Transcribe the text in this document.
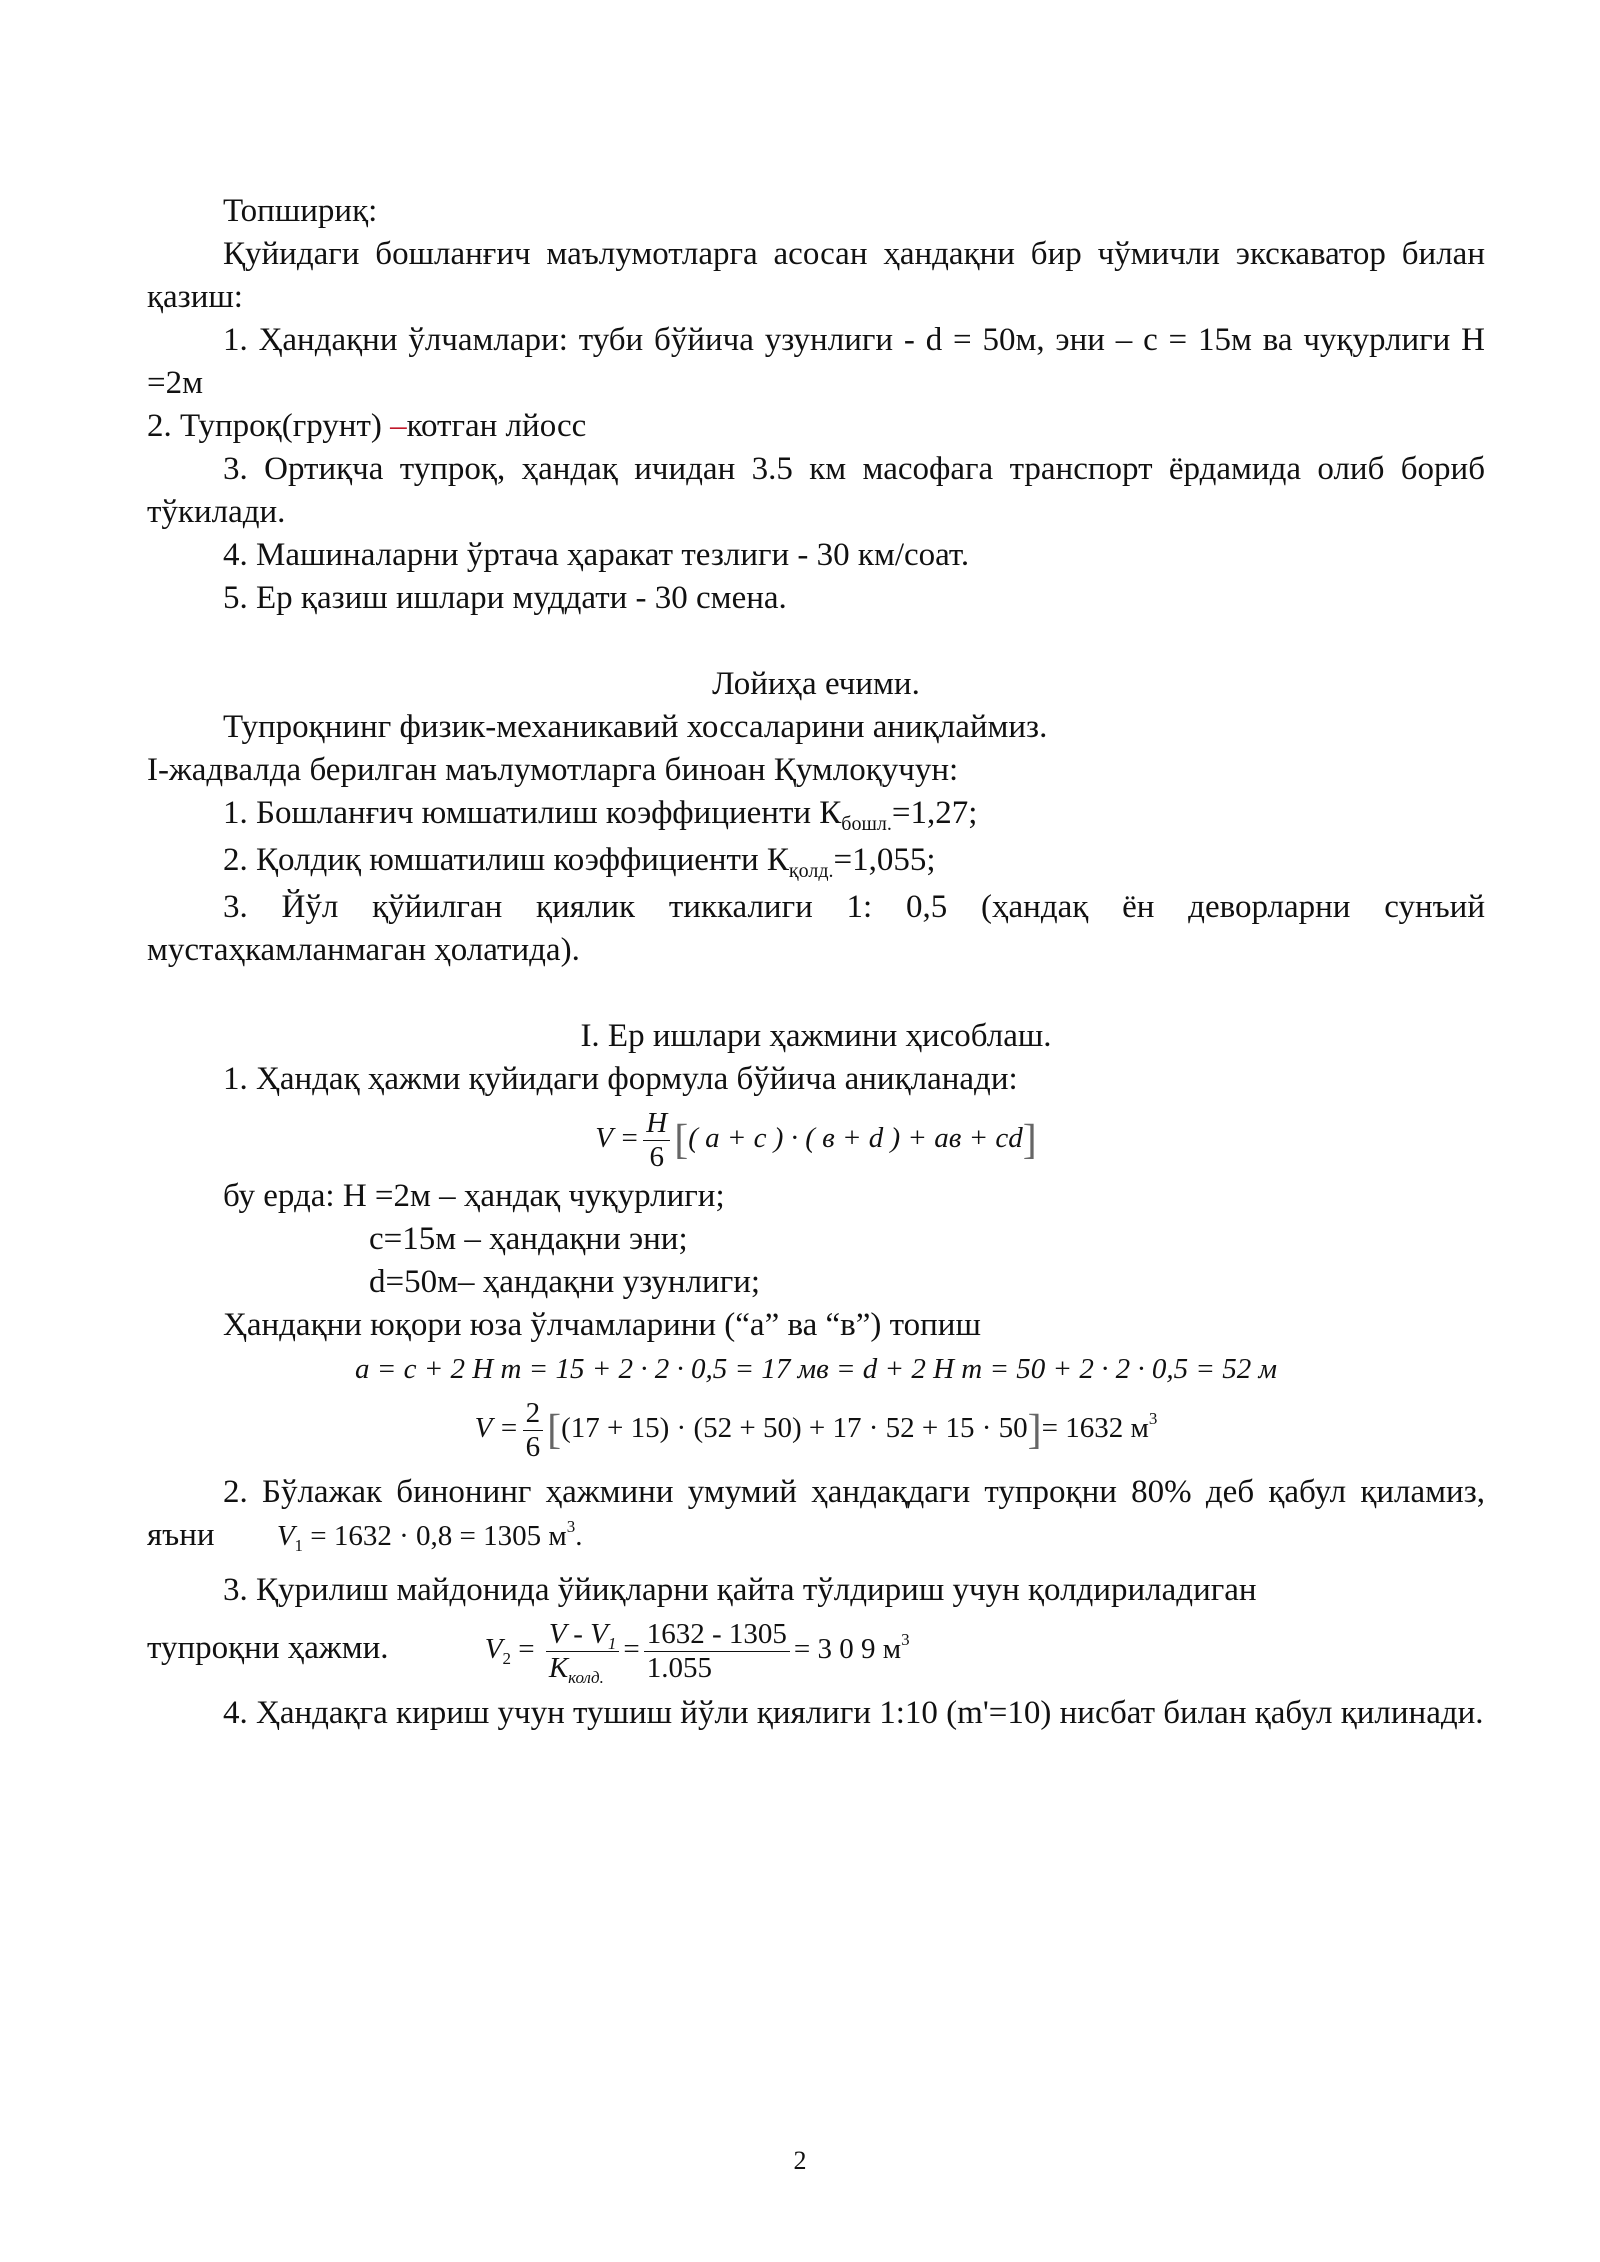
Топшириқ:

Қуйидаги бошланғич маълумотларга асосан ҳандақни бир чўмичли экскаватор билан қазиш:

1. Ҳандақни ўлчамлари: туби бўйича узунлиги - d = 50м, эни – c = 15м ва чуқурлиги H =2м

2. Тупроқ(грунт) –котган лйосс

3. Ортиқча тупроқ, ҳандақ ичидан 3.5 км масофага транспорт ёрдамида олиб бориб тўкилади.

4. Машиналарни ўртача ҳаракат тезлиги - 30 км/соат.

5. Ер қазиш ишлари муддати - 30 смена.

Лойиҳа ечими.

Тупроқнинг физик-механикавий хоссаларини аниқлаймиз.

I-жадвалда берилган маълумотларга биноан Қумлоқучун:

1. Бошланғич юмшатилиш коэффициенти $К_{бошл.}=1,27$;

2. Қолдиқ юмшатилиш коэффициенти $К_{қолд.}=1,055$;

3. Йўл қўйилган қиялик тиккалиги 1: 0,5 (ҳандақ ён деворларни сунъий мустаҳкамланмаган ҳолатида).

I. Ер ишлари ҳажмини ҳисоблаш.

1. Ҳандақ ҳажми қуйидаги формула бўйича аниқланади:

$V = \frac{H}{6}$ [( a + c ) · ( в + d ) + ав + cd]

бу ерда: H =2м – ҳандақ чуқурлиги;

c=15м – ҳандақни эни;

d=50м– ҳандақни узунлиги;

Ҳандақни юқори юза ўлчамларини (“а” ва “в”) топиш

a = c + 2 H m = 15 + 2 · 2 · 0,5 = 17 мв = d + 2 H m = 50 + 2 · 2 · 0,5 = 52 м

$V = \frac{2}{6} [(17 + 15) \cdot (52 + 50) + 17 \cdot 52 + 15 \cdot 50]= 1632$ $м^3$

2. Бўлажак бинонинг ҳажмини умумий ҳандақдаги тупроқни 80% деб қабул қиламиз, яъни $V_1 = 1632 \cdot 0,8 = 1305$ $м^3$.

3. Қурилиш майдонида ўйиқларни қайта тўлдириш учун қолдириладиган

тупроқни ҳажми.	$V_2 = \frac{V - V_1}{K_{колд.}} = \frac{1632 - 1305}{1.055} = 3$ 0 9 $м^3$

4. Ҳандақга кириш учун тушиш йўли қиялиги 1:10 (m'=10) нисбат билан қабул қилинади.

2
